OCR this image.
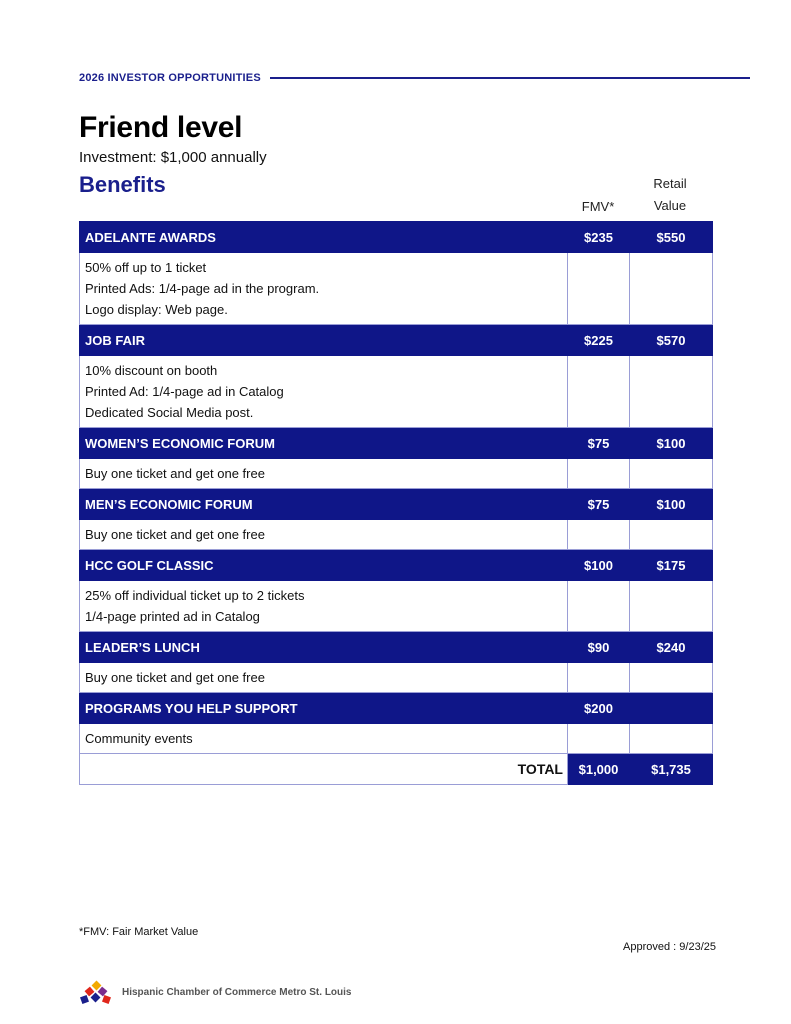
2026 INVESTOR OPPORTUNITIES
Friend level
Investment: $1,000 annually
Benefits
FMV*
Retail
Value
ADELANTE AWARDS	$235	$550

50% off up to 1 ticket
Printed Ads: 1/4-page ad in the program.
Logo display: Web page.		

JOB FAIR	$225	$570

10% discount on booth
Printed Ad: 1/4-page ad in Catalog
Dedicated Social Media post.		

WOMEN’S ECONOMIC FORUM	$75	$100

Buy one ticket and get one free		

MEN’S ECONOMIC FORUM	$75	$100

Buy one ticket and get one free		

HCC GOLF CLASSIC	$100	$175

25% off individual ticket up to 2 tickets
1/4-page printed ad in Catalog		

LEADER’S LUNCH	$90	$240

Buy one ticket and get one free		

PROGRAMS YOU HELP SUPPORT	$200	

Community events		

TOTAL	$1,000	$1,735
*FMV: Fair Market Value
Approved : 9/23/25
Hispanic Chamber of Commerce Metro St. Louis
